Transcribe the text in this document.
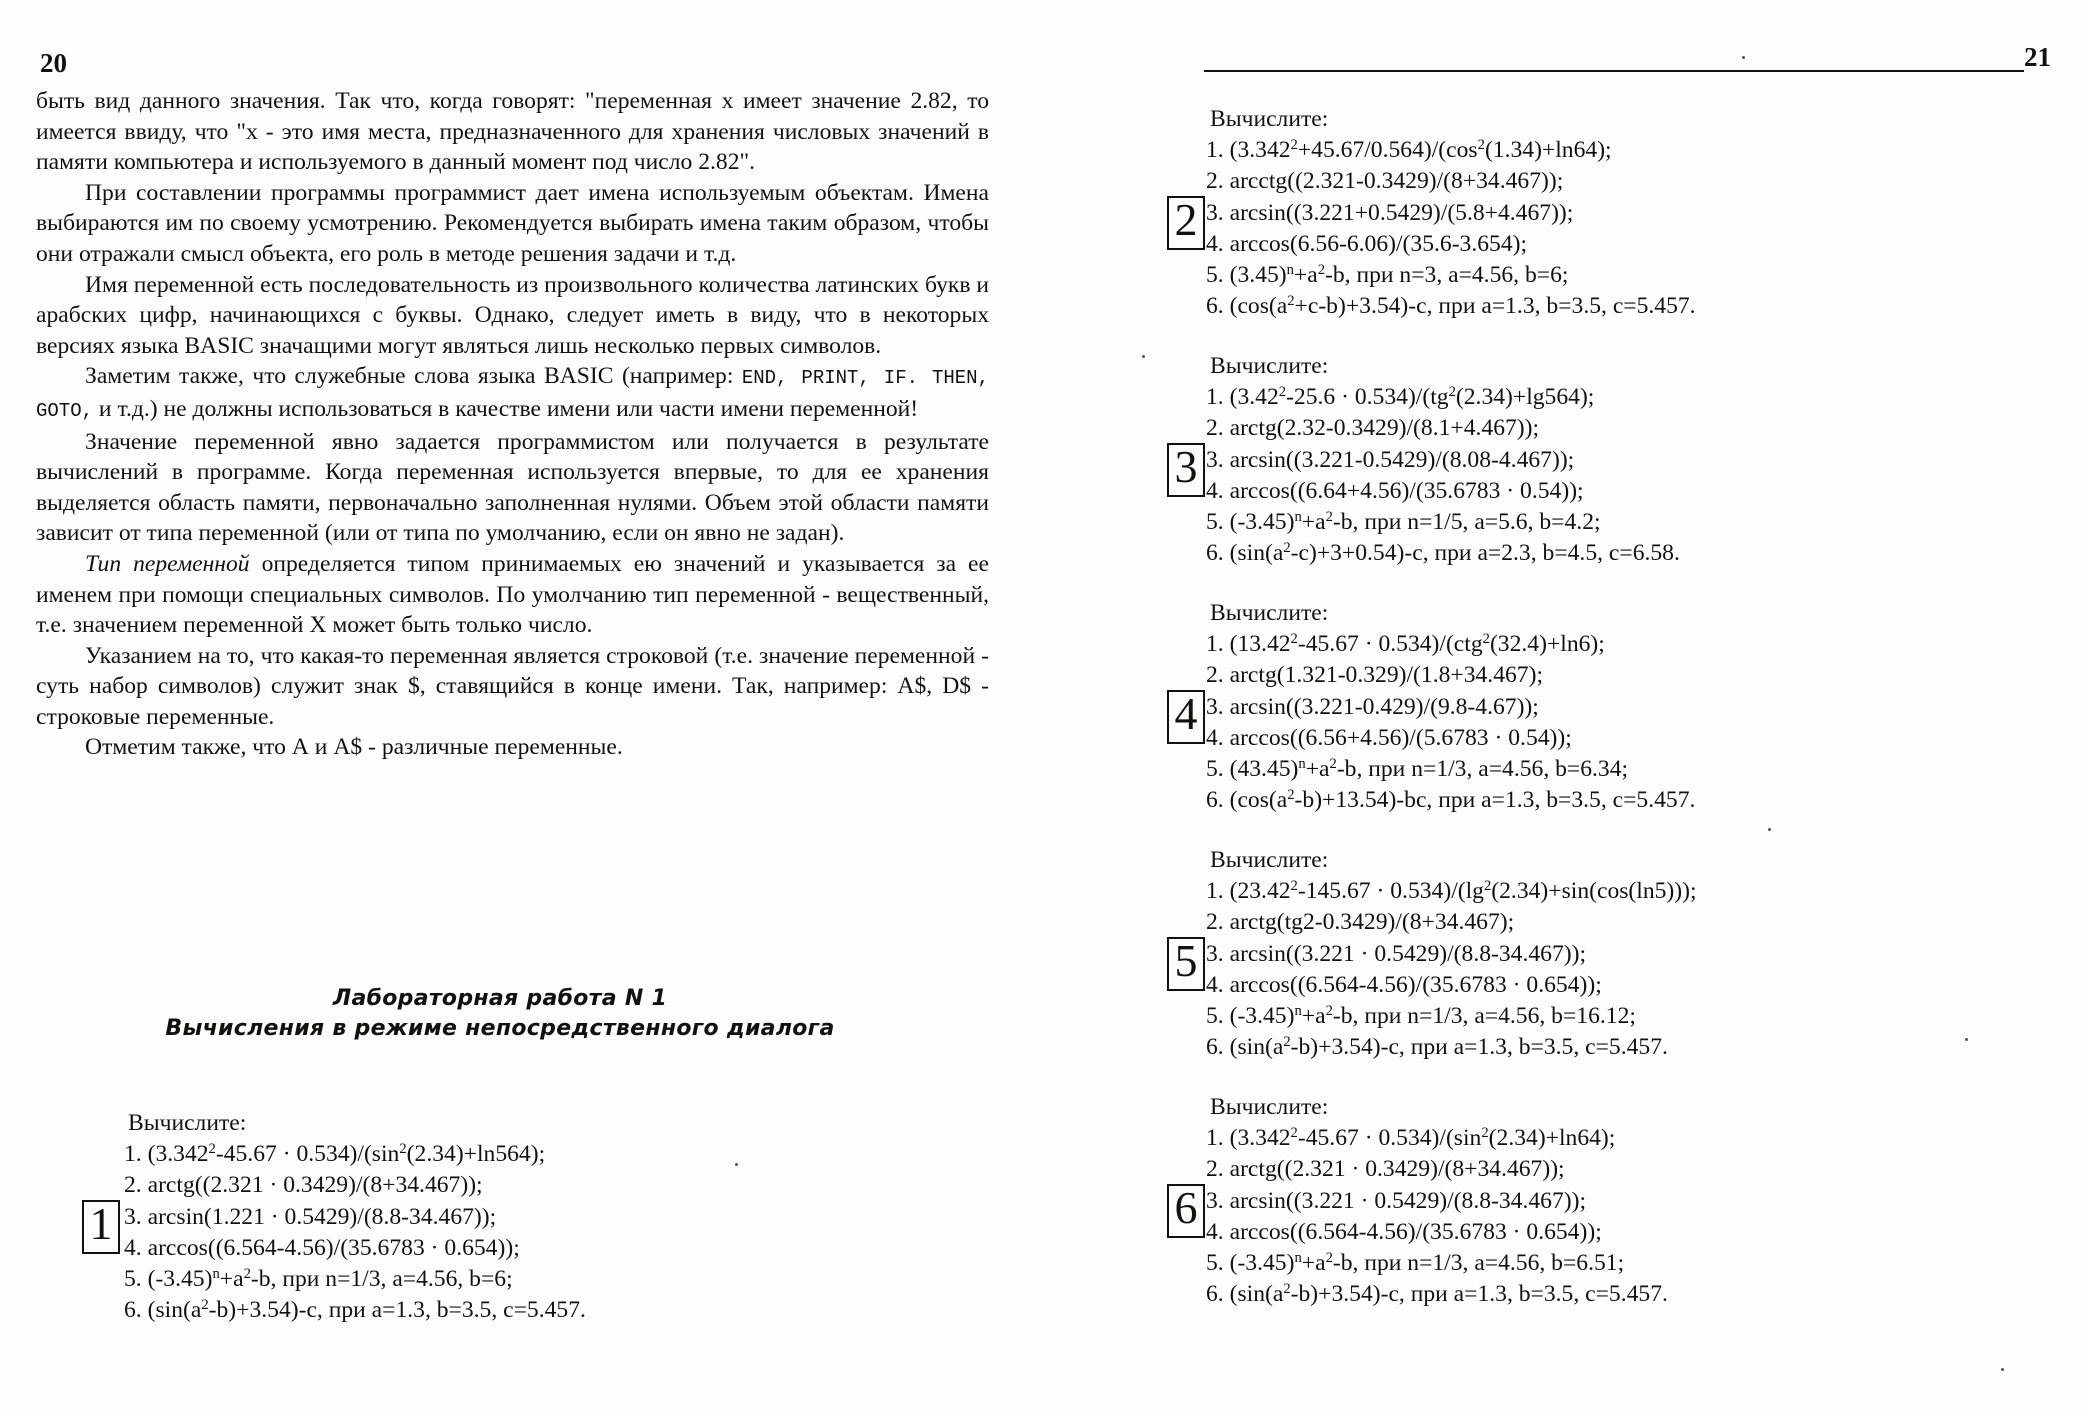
20

быть вид данного значения. Так что, когда говорят: "переменная х имеет значение 2.82, то имеется ввиду, что "х - это имя места, предназначенного для хранения числовых значений в памяти компьютера и используемого в данный момент под число 2.82".

При составлении программы программист дает имена используемым объектам. Имена выбираются им по своему усмотрению. Рекомендуется выбирать имена таким образом, чтобы они отражали смысл объекта, его роль в методе решения задачи и т.д.

Имя переменной есть последовательность из произвольного количества латинских букв и арабских цифр, начинающихся с буквы. Однако, следует иметь в виду, что в некоторых версиях языка BASIC значащими могут являться лишь несколько первых символов.

Заметим также, что служебные слова языка BASIC (например: END, PRINT, IF. THEN, GOTO, и т.д.) не должны использоваться в качестве имени или части имени переменной!

Значение переменной явно задается программистом или получается в результате вычислений в программе. Когда переменная используется впервые, то для ее хранения выделяется область памяти, первоначально заполненная нулями. Объем этой области памяти зависит от типа переменной (или от типа по умолчанию, если он явно не задан).

Тип переменной определяется типом принимаемых ею значений и указывается за ее именем при помощи специальных символов. По умолчанию тип переменной - вещественный, т.е. значением переменной X может быть только число.

Указанием на то, что какая-то переменная является строковой (т.е. значение переменной - суть набор символов) служит знак $, ставящийся в конце имени. Так, например: A$, D$ - строковые переменные.

Отметим также, что А и А$ - различные переменные.

Лабораторная работа N 1
Вычисления в режиме непосредственного диалога
Вычислите:
1. $(3.342^2-45.67 \cdot 0.534)/(\sin^2(2.34)+\ln 564)$;
2. arctg((2.321 · 0.3429)/(8+34.467));
3. arcsin(1.221 · 0.5429)/(8.8-34.467));
4. arccos((6.564-4.56)/(35.6783 · 0.654));
5. $(-3.45)^n+a^2-b$, при n=1/3, a=4.56, b=6;
6. $(\sin(a^2-b)+3.54)-c$, при a=1.3, b=3.5, c=5.457.
1
21
Вычислите:
1. $(3.342^2+45.67/0.564)/(\cos^2(1.34)+\ln 64)$;
2. arcctg((2.321-0.3429)/(8+34.467));
3. arcsin((3.221+0.5429)/(5.8+4.467));
4. arccos(6.56-6.06)/(35.6-3.654);
5. $(3.45)^n+a^2-b$, при n=3, a=4.56, b=6;
6. $(\cos(a^2+c-b)+3.54)-c$, при a=1.3, b=3.5, c=5.457.
2
Вычислите:
1. $(3.42^2-25.6 \cdot 0.534)/(tg^2(2.34)+\lg 564)$;
2. arctg(2.32-0.3429)/(8.1+4.467));
3. arcsin((3.221-0.5429)/(8.08-4.467));
4. arccos((6.64+4.56)/(35.6783 · 0.54));
5. $(-3.45)^n+a^2-b$, при n=1/5, a=5.6, b=4.2;
6. $(\sin(a^2-c)+3+0.54)-c$, при a=2.3, b=4.5, c=6.58.
3
Вычислите:
1. $(13.42^2-45.67 \cdot 0.534)/(ctg^2(32.4)+\ln 6)$;
2. arctg(1.321-0.329)/(1.8+34.467);
3. arcsin((3.221-0.429)/(9.8-4.67));
4. arccos((6.56+4.56)/(5.6783 · 0.54));
5. $(43.45)^n+a^2-b$, при n=1/3, a=4.56, b=6.34;
6. $(\cos(a^2-b)+13.54)-bc$, при a=1.3, b=3.5, c=5.457.
4
Вычислите:
1. $(23.42^2-145.67 \cdot 0.534)/(\lg^2(2.34)+\sin(\cos(\ln 5)))$;
2. arctg(tg2-0.3429)/(8+34.467);
3. arcsin((3.221 · 0.5429)/(8.8-34.467));
4. arccos((6.564-4.56)/(35.6783 · 0.654));
5. $(-3.45)^n+a^2-b$, при n=1/3, a=4.56, b=16.12;
6. $(\sin(a^2-b)+3.54)-c$, при a=1.3, b=3.5, c=5.457.
5
Вычислите:
1. $(3.342^2-45.67 \cdot 0.534)/(\sin^2(2.34)+\ln 64)$;
2. arctg((2.321 · 0.3429)/(8+34.467));
3. arcsin((3.221 · 0.5429)/(8.8-34.467));
4. arccos((6.564-4.56)/(35.6783 · 0.654));
5. $(-3.45)^n+a^2-b$, при n=1/3, a=4.56, b=6.51;
6. $(\sin(a^2-b)+3.54)-c$, при a=1.3, b=3.5, c=5.457.
6
